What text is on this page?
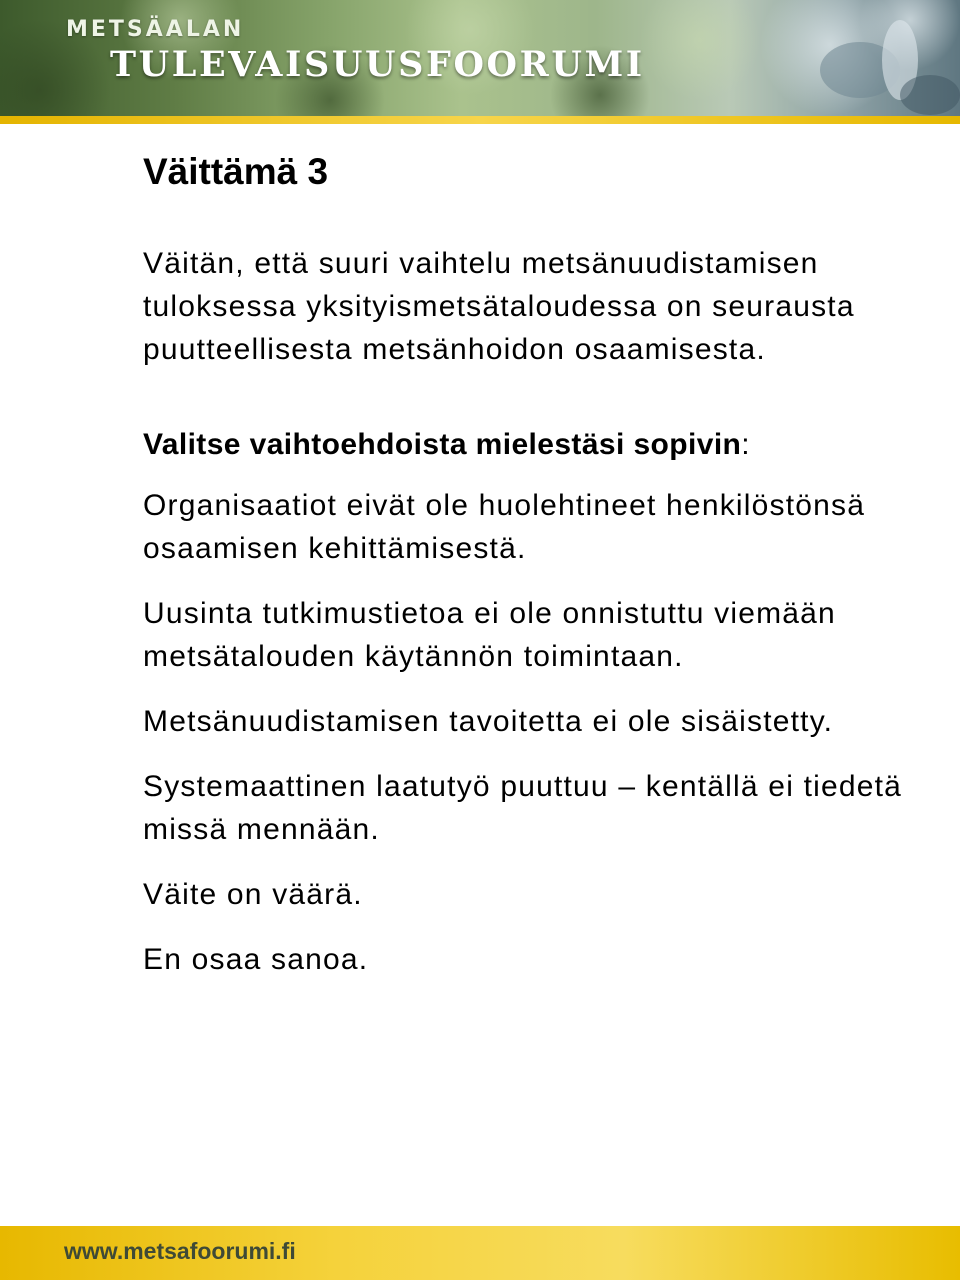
METSÄALAN
TULEVAISUUSFOORUMI
Väittämä 3

Väitän, että suuri vaihtelu metsänuudistamisen tuloksessa yksityismetsätaloudessa on seurausta puutteellisesta metsänhoidon osaamisesta.

Valitse vaihtoehdoista mielestäsi sopivin:

Organisaatiot eivät ole huolehtineet henkilöstönsä osaamisen kehittämisestä.
Uusinta tutkimustietoa ei ole onnistuttu viemään metsätalouden käytännön toimintaan.
Metsänuudistamisen tavoitetta ei ole sisäistetty.
Systemaattinen laatutyö puuttuu – kentällä ei tiedetä missä mennään.
Väite on väärä.
En osaa sanoa.
www.metsafoorumi.fi
